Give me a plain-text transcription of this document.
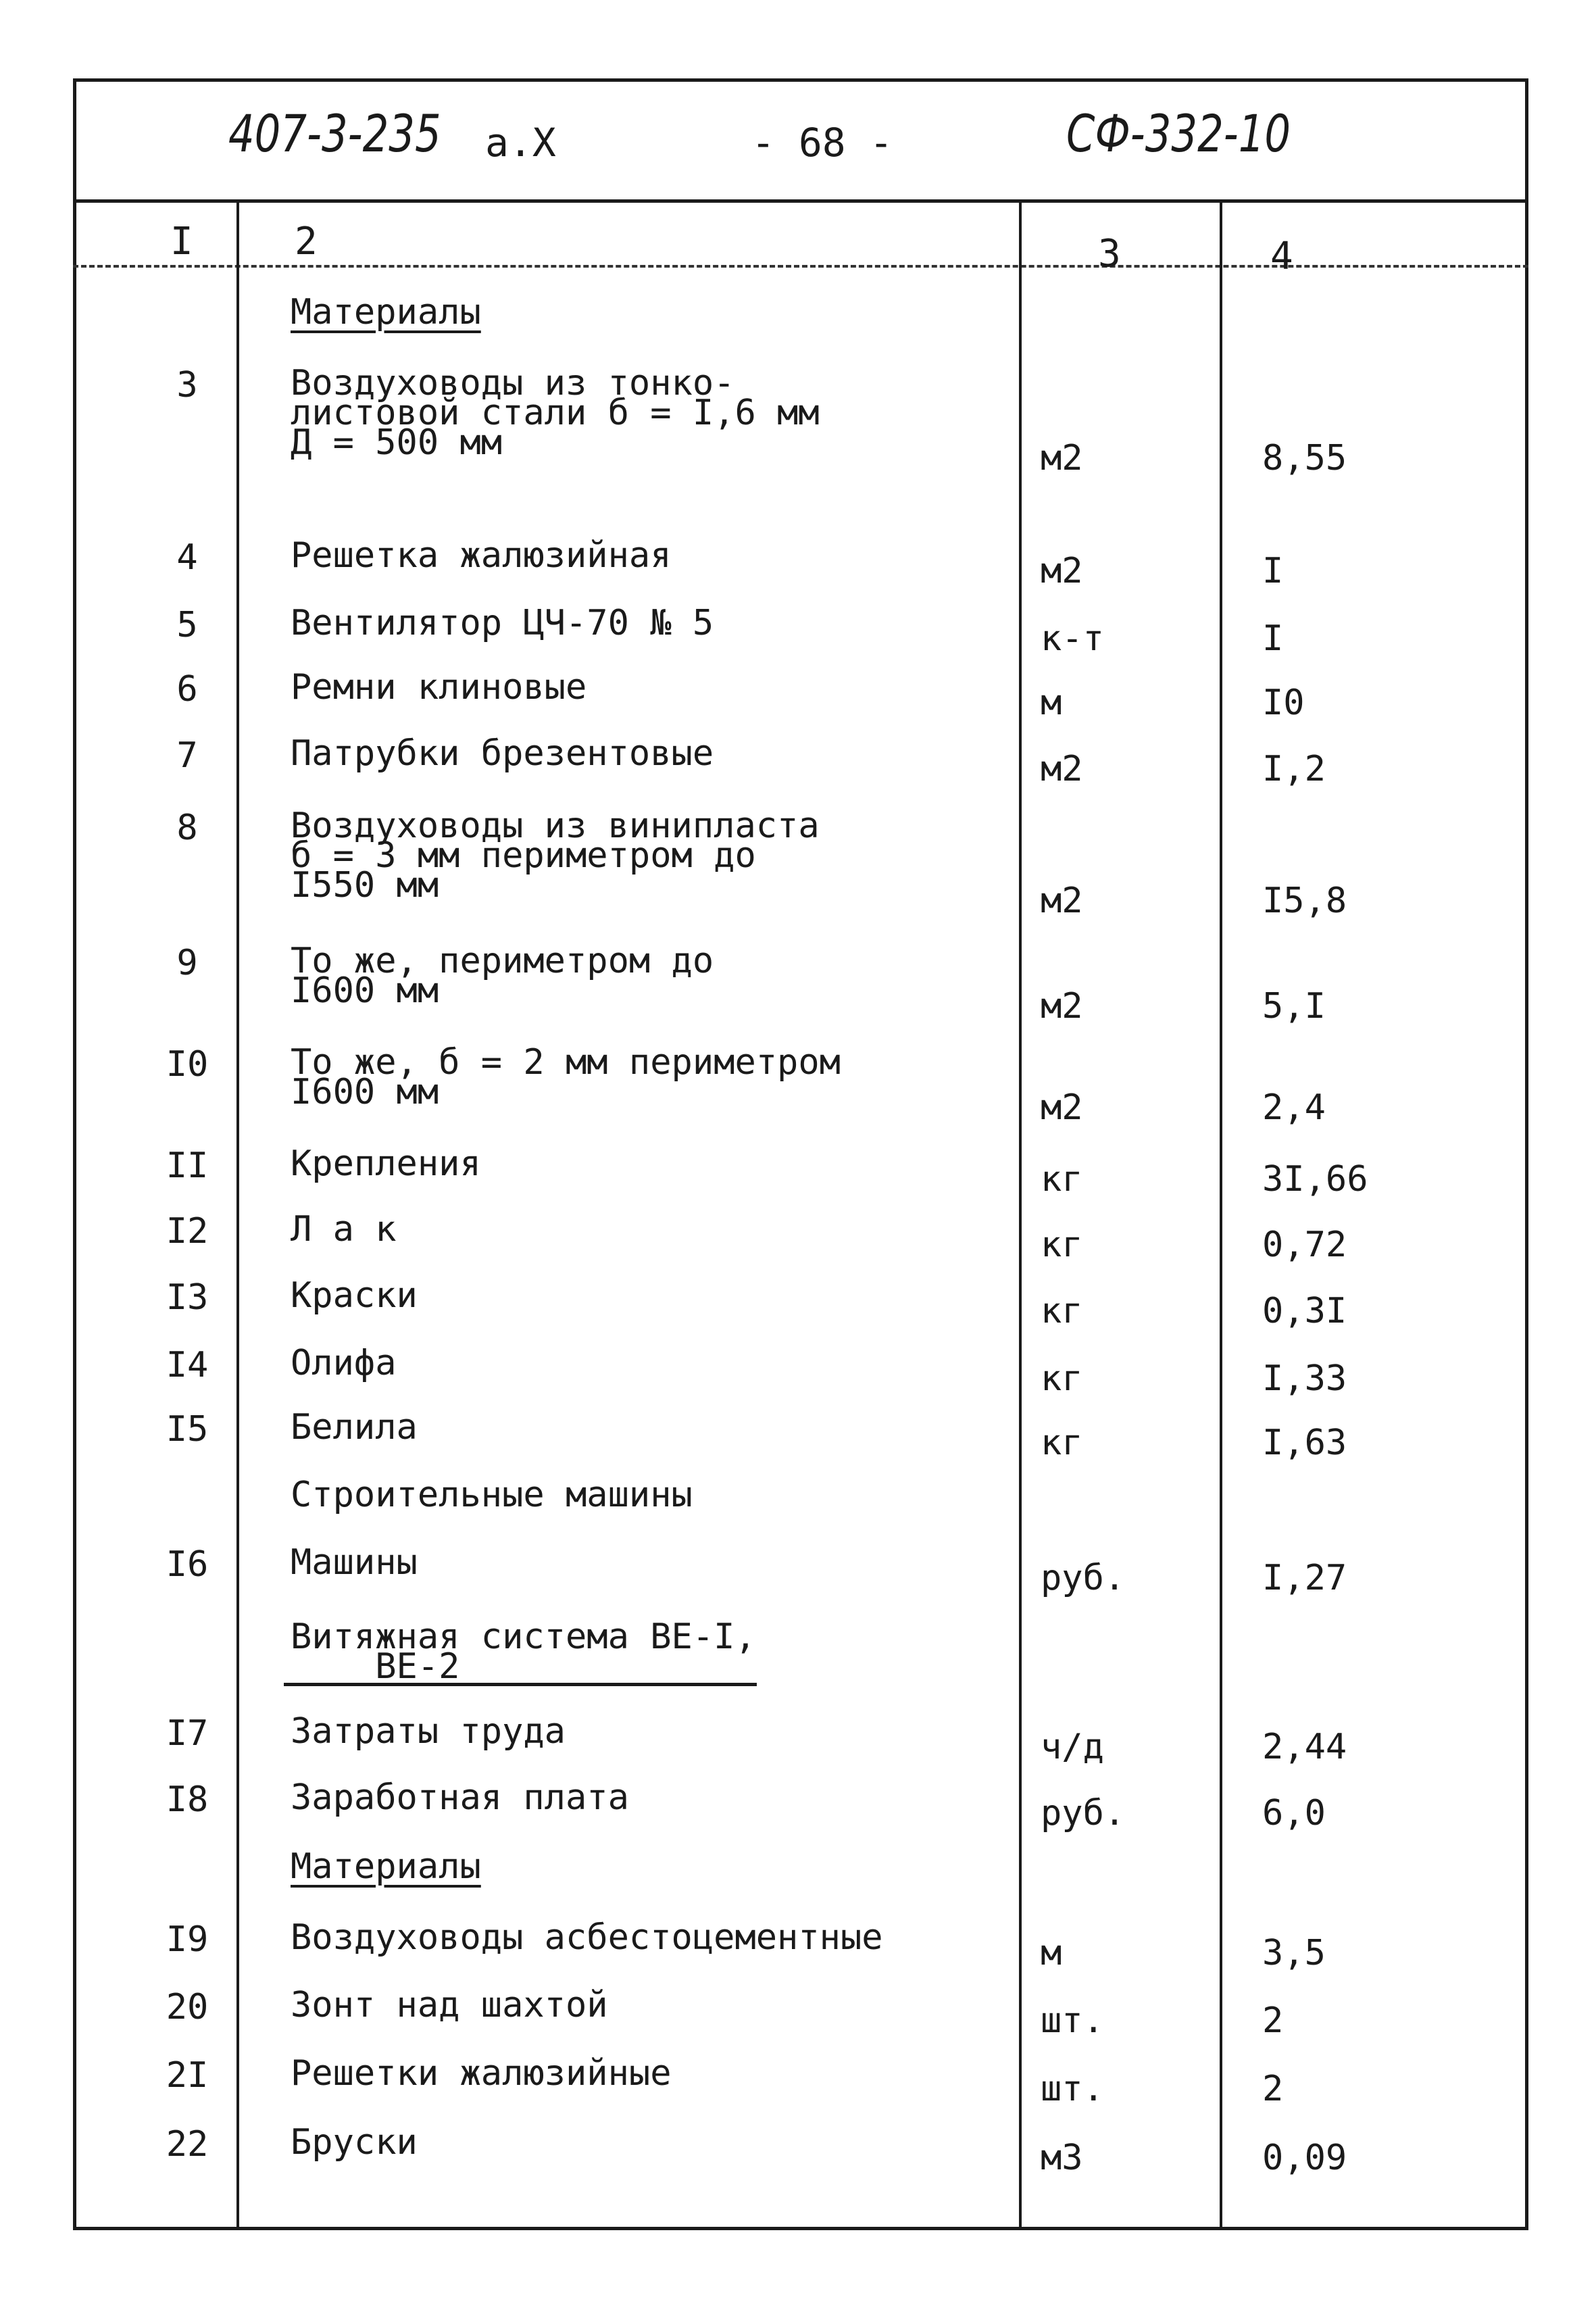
407-3-235 а.X	- 68 -	СФ-332-10
I	2	3	4
Материалы
3	Воздуховоды из тонко-
листовой стали б = I,6 мм
Д = 500 мм	м2	8,55
4	Решетка жалюзийная	м2	I
5	Вентилятор ЦЧ-70 № 5	к-т	I
6	Ремни клиновые	м	I0
7	Патрубки брезентовые	м2	I,2
8	Воздуховоды из винипласта
б = 3 мм периметром до
I550 мм	м2	I5,8
9	То же, периметром до
I600 мм	м2	5,I
I0	То же, б = 2 мм периметром
I600 мм	м2	2,4
II	Крепления	кг	3I,66
I2	Л а к	кг	0,72
I3	Краски	кг	0,3I
I4	Олифа	кг	I,33
I5	Белила	кг	I,63
Строительные машины
I6	Машины	руб.	I,27
Витяжная система ВЕ-I,
ВЕ-2
I7	Затраты труда	ч/д	2,44
I8	Заработная плата	руб.	6,0
Материалы
I9	Воздуховоды асбестоцементные	м	3,5
20	Зонт над шахтой	шт.	2
2I	Решетки жалюзийные	шт.	2
22	Бруски	м3	0,09
